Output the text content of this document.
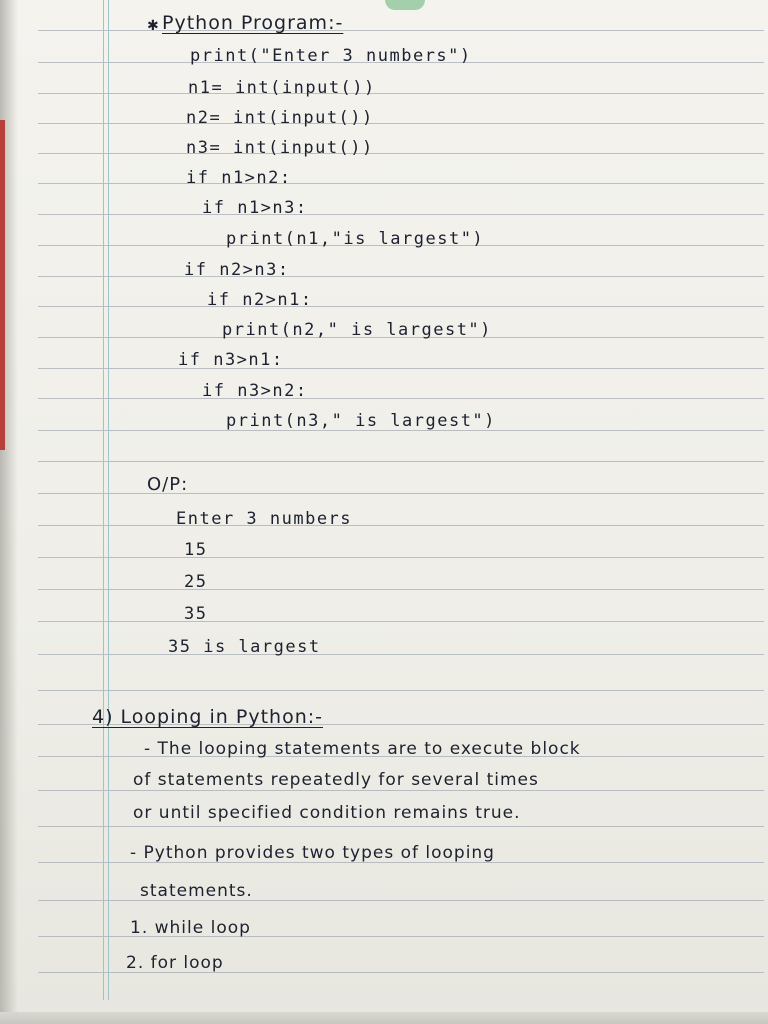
✱ Python Program:-
print("Enter 3 numbers")
n1= int(input())
n2= int(input())
n3= int(input())
if n1>n2:
if n1>n3:
print(n1,"is largest")
if n2>n3:
if n2>n1:
print(n2," is largest")
if n3>n1:
if n3>n2:
print(n3," is largest")
O/P:
Enter 3 numbers
15
25
35
35 is largest
4) Looping in Python:-
- The looping statements are to execute block
of statements repeatedly for several times
or until specified condition remains true.
- Python provides two types of looping
statements.
1. while loop
2. for loop
